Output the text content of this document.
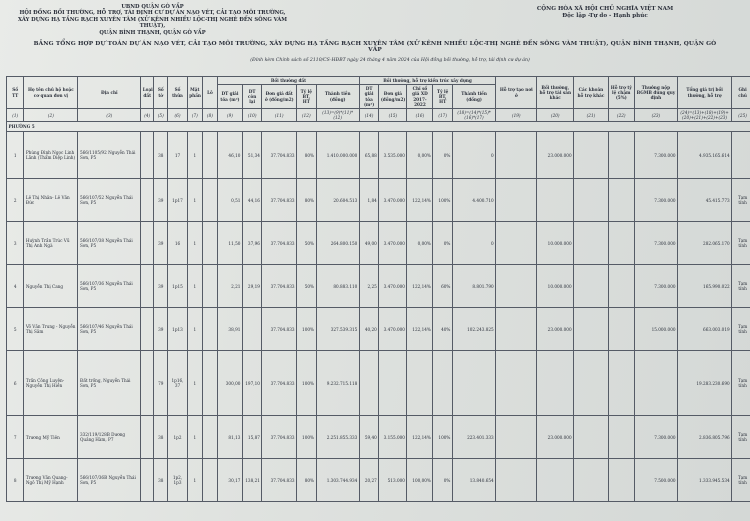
UBND QUẬN GÒ VẤP
HỘI ĐỒNG BỒI THƯỜNG, HỖ TRỢ, TÁI ĐỊNH CƯ DỰ ÁN NẠO VÉT, CẢI TẠO MÔI TRƯỜNG,
XÂY DỰNG HẠ TẦNG RẠCH XUYÊN TÂM (XỬ KÊNH NHIỀU LỘC-THỊ NGHÈ ĐẾN SÔNG VÀM THUẬT),
QUẬN BÌNH THẠNH, QUẬN GÒ VẤP
CỘNG HÒA XÃ HỘI CHỦ NGHĨA VIỆT NAM
Độc lập -Tự do - Hạnh phúc
BẢNG TỔNG HỢP DỰ TOÁN DỰ ÁN NẠO VÉT, CẢI TẠO MÔI TRƯỜNG, XÂY DỰNG HẠ TẦNG RẠCH XUYÊN TÂM (XỬ KÊNH NHIỀU LỘC-THỊ NGHÈ ĐẾN SÔNG VÀM THUẬT), QUẬN BÌNH THẠNH, QUẬN GÒ VẤP
(Đính kèm Chính sách số 2110/CS-HĐBT ngày 24 tháng 4 năm 2024 của Hội đồng bồi thường, hỗ trợ, tái định cư dự án)
Số TT	Họ tên chủ hộ hoặc cơ quan đơn vị	Địa chỉ	Loại đất	Số tờ	Số thửa	Mặt phần	Lô	Bồi thường đất					Bồi thường, hỗ trợ kiến trúc xây dựng					Hỗ trợ tạo nơi ở	Bồi thường, hỗ trợ tài sản khác	Các khoản hỗ trợ khác	Hỗ trợ tỷ lệ chậm (5%)	Thưởng nộp BGMB đúng quy định	Tổng giá trị bồi thường, hỗ trợ	Ghi chú
								DT giải tỏa (m²)	DT còn lại	Đơn giá đất ở (đồng/m2)	Tỷ lệ BT, HT	Thành tiền (đồng)	DT giải tỏa (m²)	Đơn giá (đồng/m2)	Chỉ số giá XD 2017-2022	Tỷ lệ BT, HT	Thành tiền (đồng)							
(1)	(2)	(3)	(4)	(5)	(6)	(7)	(8)	(9)	(10)	(11)	(12)	(13)=(9)*(11)*(12)	(14)	(15)	(16)	(17)	(18)=(14)*(15)*(16)*(17)	(19)	(20)	(21)	(22)	(23)	(24)=(13)+(18)+(19)+(20)+(21)+(22)+(23)	(25)
PHƯỜNG 5																								
1	Phùng Đình Ngọc Linh Lãnh (Thẩm Diệp Linh)	566/1105/92 Nguyễn Thái Sơn, P5		38	17	1		46,10	51,34	37.704.833	80%	1.410.000.000	65,88	3.535.000	0,00%	0%	0		23.000.000			7.300.000	4.935.165.614	
2	Lê Thị Nhân- Lê Văn Đức	566/107/52 Nguyễn Thái Sơn, P5		39	1p17	1		0,51	44,16	37.704.833	80%	20.604.513	1,84	3.470.000	122,14%	100%	4.400.710					7.300.000	45.415.773	Tạm tính
3	Huỳnh Trần Trúc Vũ Thị Anh Ngà	566/107/38 Nguyễn Thái Sơn, P5		39	16	1		11,50	37,96	37.704.833	50%	264.800.150	49,00	3.470.000	0,00%	0%	0		10.000.000			7.300.000	282.065.170	Tạm tính
4	Nguyễn Thị Cang	566/107/36 Nguyễn Thái Sơn, P5		39	1p15	1		2,21	29,19	37.704.833	50%	80.883.110	2,25	3.470.000	122,14%	60%	8.801.790		10.000.000			7.300.000	165.990.022	Tạm tính
5	Võ Văn Trung - Nguyễn Thị Sâm	566/107/46 Nguyễn Thái Sơn, P5		39	1p13	1		38,91		37.704.833	100%	327.539.315	40,20	3.470.000	122,14%	40%	102.243.825		23.000.000			15.000.000	663.003.019	Tạm tính
6	Trần Công Luyện- Nguyễn Thị Hiền	Đất trống, Nguyễn Thái Sơn, P5		79	1p16, 37	1		300,00	197,10	37.704.833	100%	9.232.715.118											19.283.230.690	Tạm tính
7	Trương Mỹ Tiên	332/119/128B Dương Quảng Hàm, P7		38	1p2	1		81,13	15,87	37.704.833	100%	2.251.855.333	59,40	3.155.000	122,14%	100%	223.401.333		23.000.000			7.300.000	2.836.805.796	Tạm tính
8	Trương Văn Quang- Ngô Thị Mỹ Hạnh	566/107/36B Nguyễn Thái Sơn, P5		38	1p2, 1p3	1		30,17	138,21	37.704.833	80%	1.303.744.934	20,27	513.000	100,00%	0%	13.840.654					7.500.000	1.333.945.534	Tạm tính
